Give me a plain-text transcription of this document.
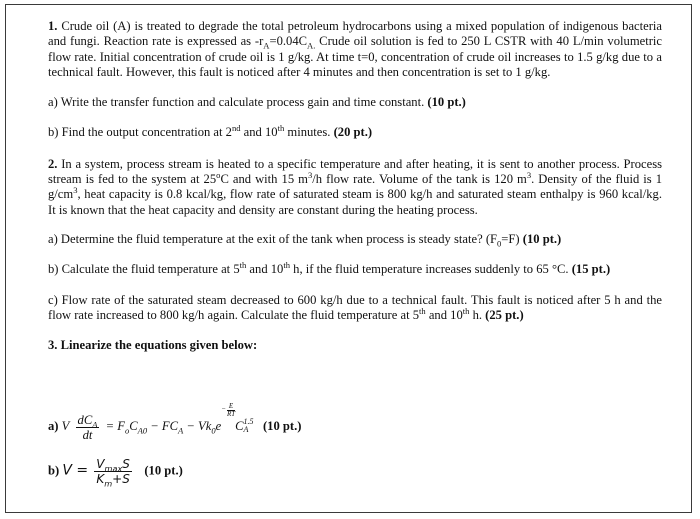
1. Crude oil (A) is treated to degrade the total petroleum hydrocarbons using a mixed population of indigenous bacteria and fungi. Reaction rate is expressed as $-r_A=0.04C_{A.}$ Crude oil solution is fed to 250 L CSTR with 40 L/min volumetric flow rate. Initial concentration of crude oil is 1 g/kg. At time t=0, concentration of crude oil increases to 1.5 g/kg due to a technical fault. However, this fault is noticed after 4 minutes and then concentration is set to 1 g/kg.

a) Write the transfer function and calculate process gain and time constant. (10 pt.)

b) Find the output concentration at 2nd and 10th minutes. (20 pt.)

2. In a system, process stream is heated to a specific temperature and after heating, it is sent to another process. Process stream is fed to the system at 25$^o$C and with 15 $m^3/h$ flow rate. Volume of the tank is 120 $m^3$. Density of the fluid is 1 $g/cm^3$, heat capacity is 0.8 kcal/kg, flow rate of saturated steam is 800 kg/h and saturated steam enthalpy is 960 kcal/kg. It is known that the heat capacity and density are constant during the heating process.

a) Determine the fluid temperature at the exit of the tank when process is steady state? $(F_0=F)$ (10 pt.)

b) Calculate the fluid temperature at 5th and 10th h, if the fluid temperature increases suddenly to 65 °C. (15 pt.)

c) Flow rate of the saturated steam decreased to 600 kg/h due to a technical fault. This fault is noticed after 5 h and the flow rate increased to 800 kg/h again. Calculate the fluid temperature at 5th and 10th h. (25 pt.)

3. Linearize the equations given below:

a) V $\frac{dC_A}{dt} = F_oC_{A0} - FC_A - Vk_0e$
− $\frac{E}{RT}$
C 1.5
A	(10 pt.)
b) $V = \frac{V_{max}S}{K_m+S} (10$ pt.)
